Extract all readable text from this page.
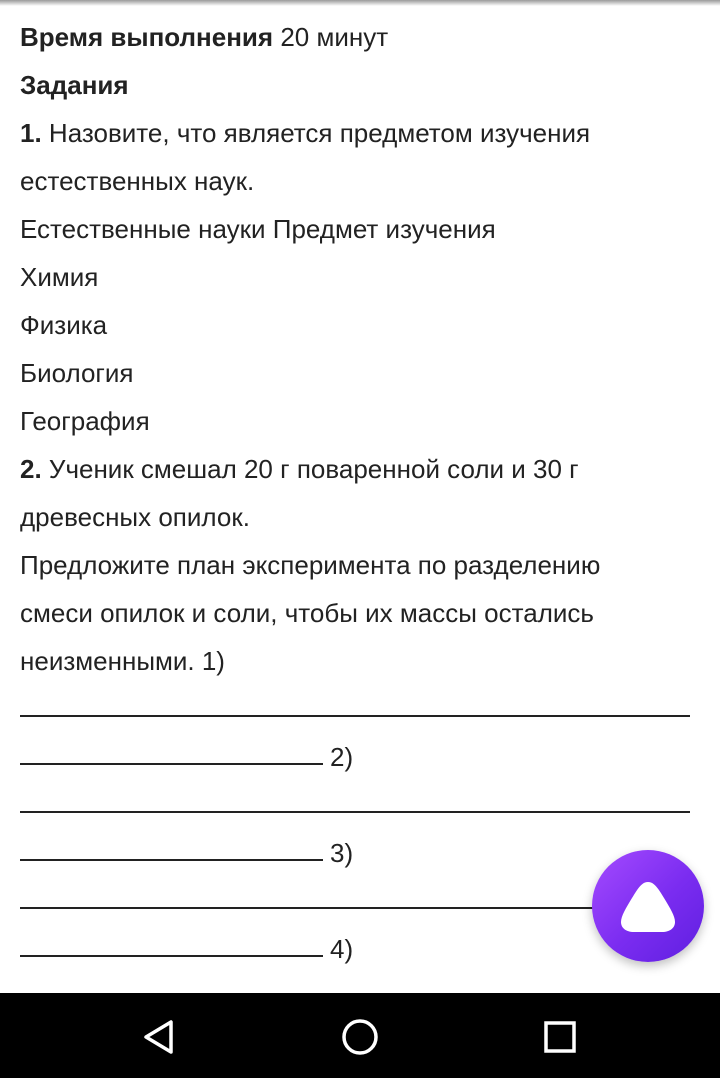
Время выполнения 20 минут
Задания
1. Назовите, что является предметом изучения
естественных наук.
Естественные науки Предмет изучения
Химия
Физика
Биология
География
2. Ученик смешал 20 г поваренной соли и 30 г
древесных опилок.
Предложите план эксперимента по разделению
смеси опилок и соли, чтобы их массы остались
неизменными. 1)
2)
3)
4)
